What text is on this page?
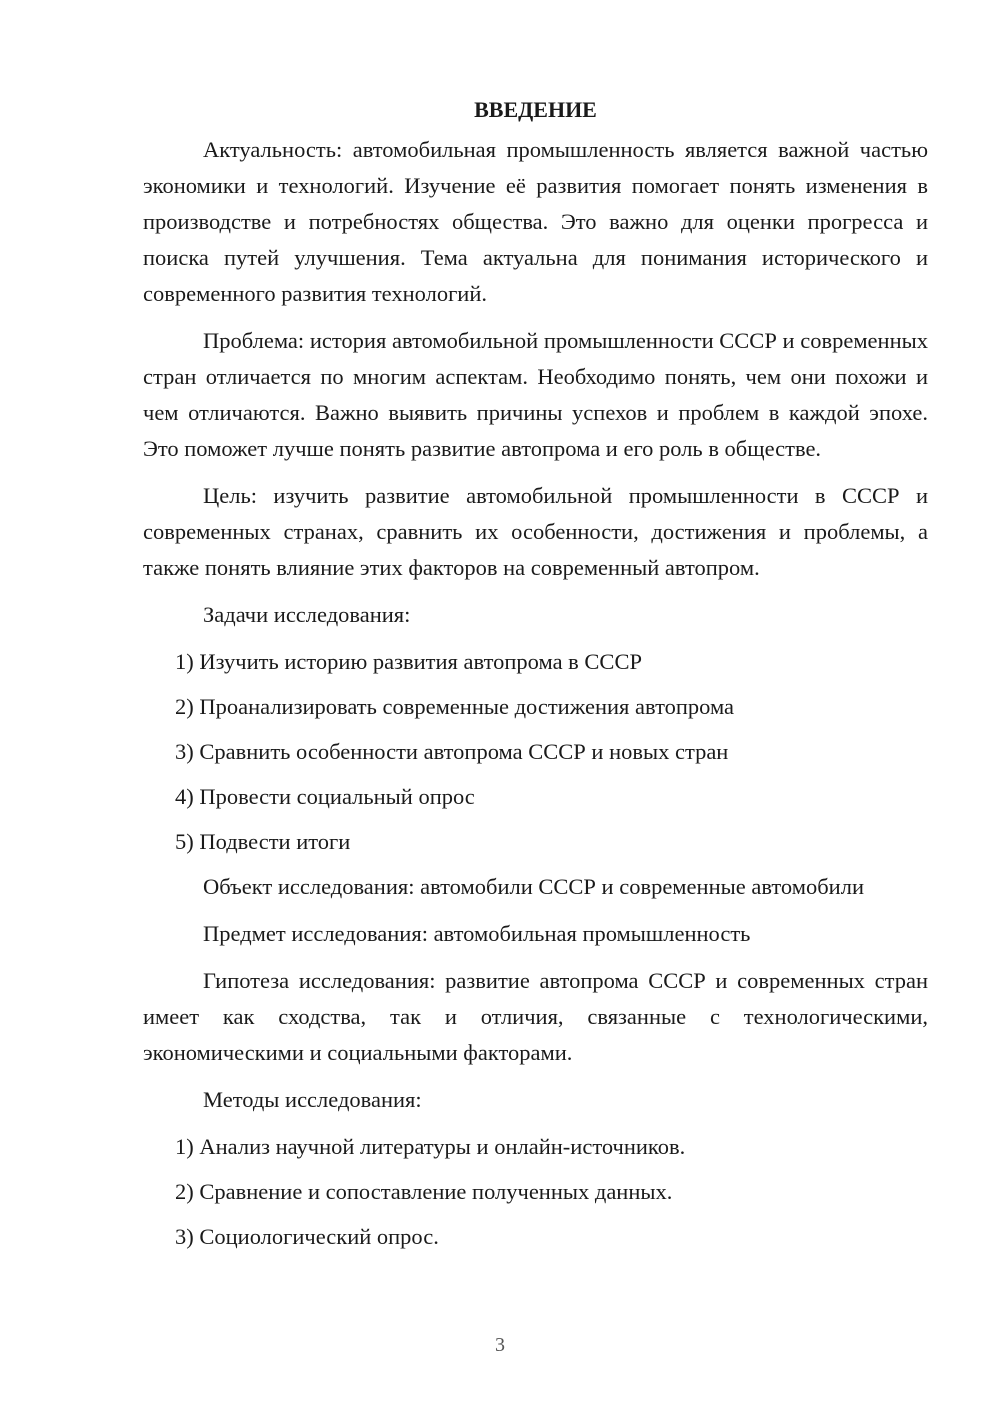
ВВЕДЕНИЕ

Актуальность: автомобильная промышленность является важной частью экономики и технологий. Изучение её развития помогает понять изменения в производстве и потребностях общества. Это важно для оценки прогресса и поиска путей улучшения. Тема актуальна для понимания исторического и современного развития технологий.

Проблема: история автомобильной промышленности СССР и современных стран отличается по многим аспектам. Необходимо понять, чем они похожи и чем отличаются. Важно выявить причины успехов и проблем в каждой эпохе. Это поможет лучше понять развитие автопрома и его роль в обществе.

Цель: изучить развитие автомобильной промышленности в СССР и современных странах, сравнить их особенности, достижения и проблемы, а также понять влияние этих факторов на современный автопром.

Задачи исследования:

1) Изучить историю развития автопрома в СССР
2) Проанализировать современные достижения автопрома
3) Сравнить особенности автопрома СССР и новых стран
4) Провести социальный опрос
5) Подвести итоги

Объект исследования: автомобили СССР и современные автомобили

Предмет исследования: автомобильная промышленность

Гипотеза исследования: развитие автопрома СССР и современных стран имеет как сходства, так и отличия, связанные с технологическими, экономическими и социальными факторами.

Методы исследования:

1) Анализ научной литературы и онлайн-источников.
2) Сравнение и сопоставление полученных данных.
3) Социологический опрос.
3
